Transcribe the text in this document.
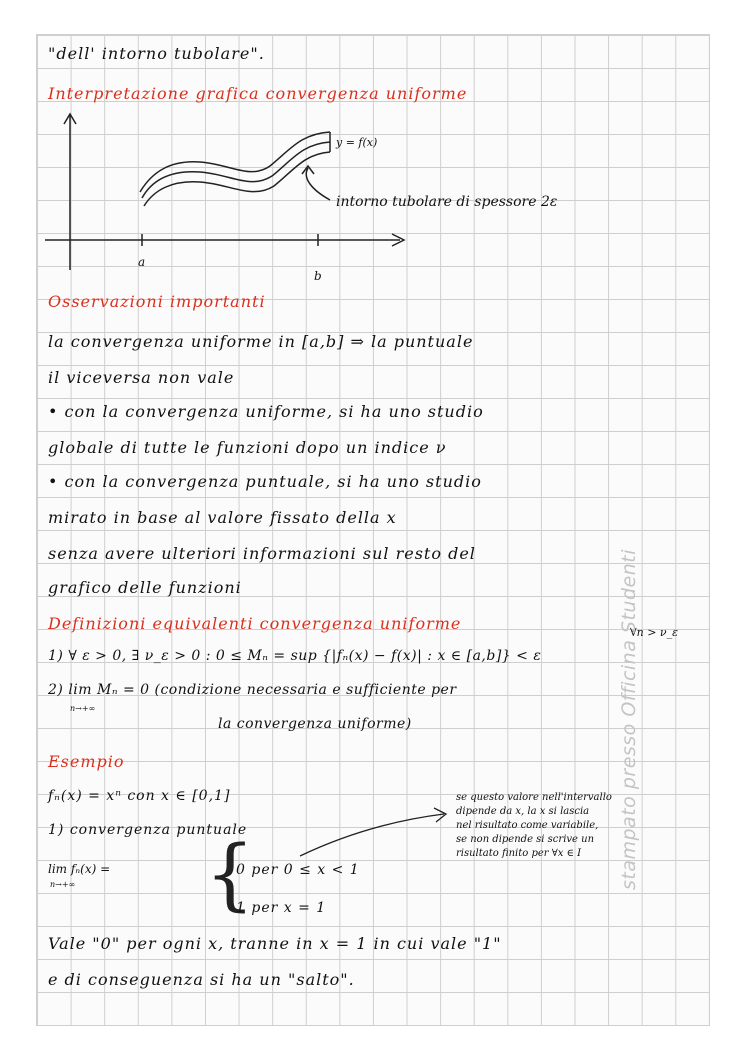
"dell' intorno tubolare".
Interpretazione grafica convergenza uniforme
y = f(x)
intorno tubolare di spessore 2ε
a
b
Osservazioni importanti
la convergenza uniforme in [a,b] ⇒ la puntuale
il viceversa non vale
• con la convergenza uniforme, si ha uno studio
globale di tutte le funzioni dopo un indice ν
• con la convergenza puntuale, si ha uno studio
mirato in base al valore fissato della x
senza avere ulteriori informazioni sul resto del
grafico delle funzioni
Definizioni equivalenti convergenza uniforme	∀n > ν_ε
1) ∀ ε > 0, ∃ ν_ε > 0 : 0 ≤ Mₙ = sup {|fₙ(x) − f(x)| : x ∈ [a,b]} < ε
2) lim Mₙ = 0 (condizione necessaria e sufficiente per
n→+∞
la convergenza uniforme)
Esempio
fₙ(x) = xⁿ con x ∈ [0,1]
1) convergenza puntuale
lim fₙ(x) =
n→+∞ {
0 per 0 ≤ x < 1
1 per x = 1
se questo valore nell'intervallo
dipende da x, la x si lascia
nel risultato come variabile,
se non dipende si scrive un
risultato finito per ∀x ∈ I
Vale "0" per ogni x, tranne in x = 1 in cui vale "1"
e di conseguenza si ha un "salto".
stampato presso Officina Studenti
